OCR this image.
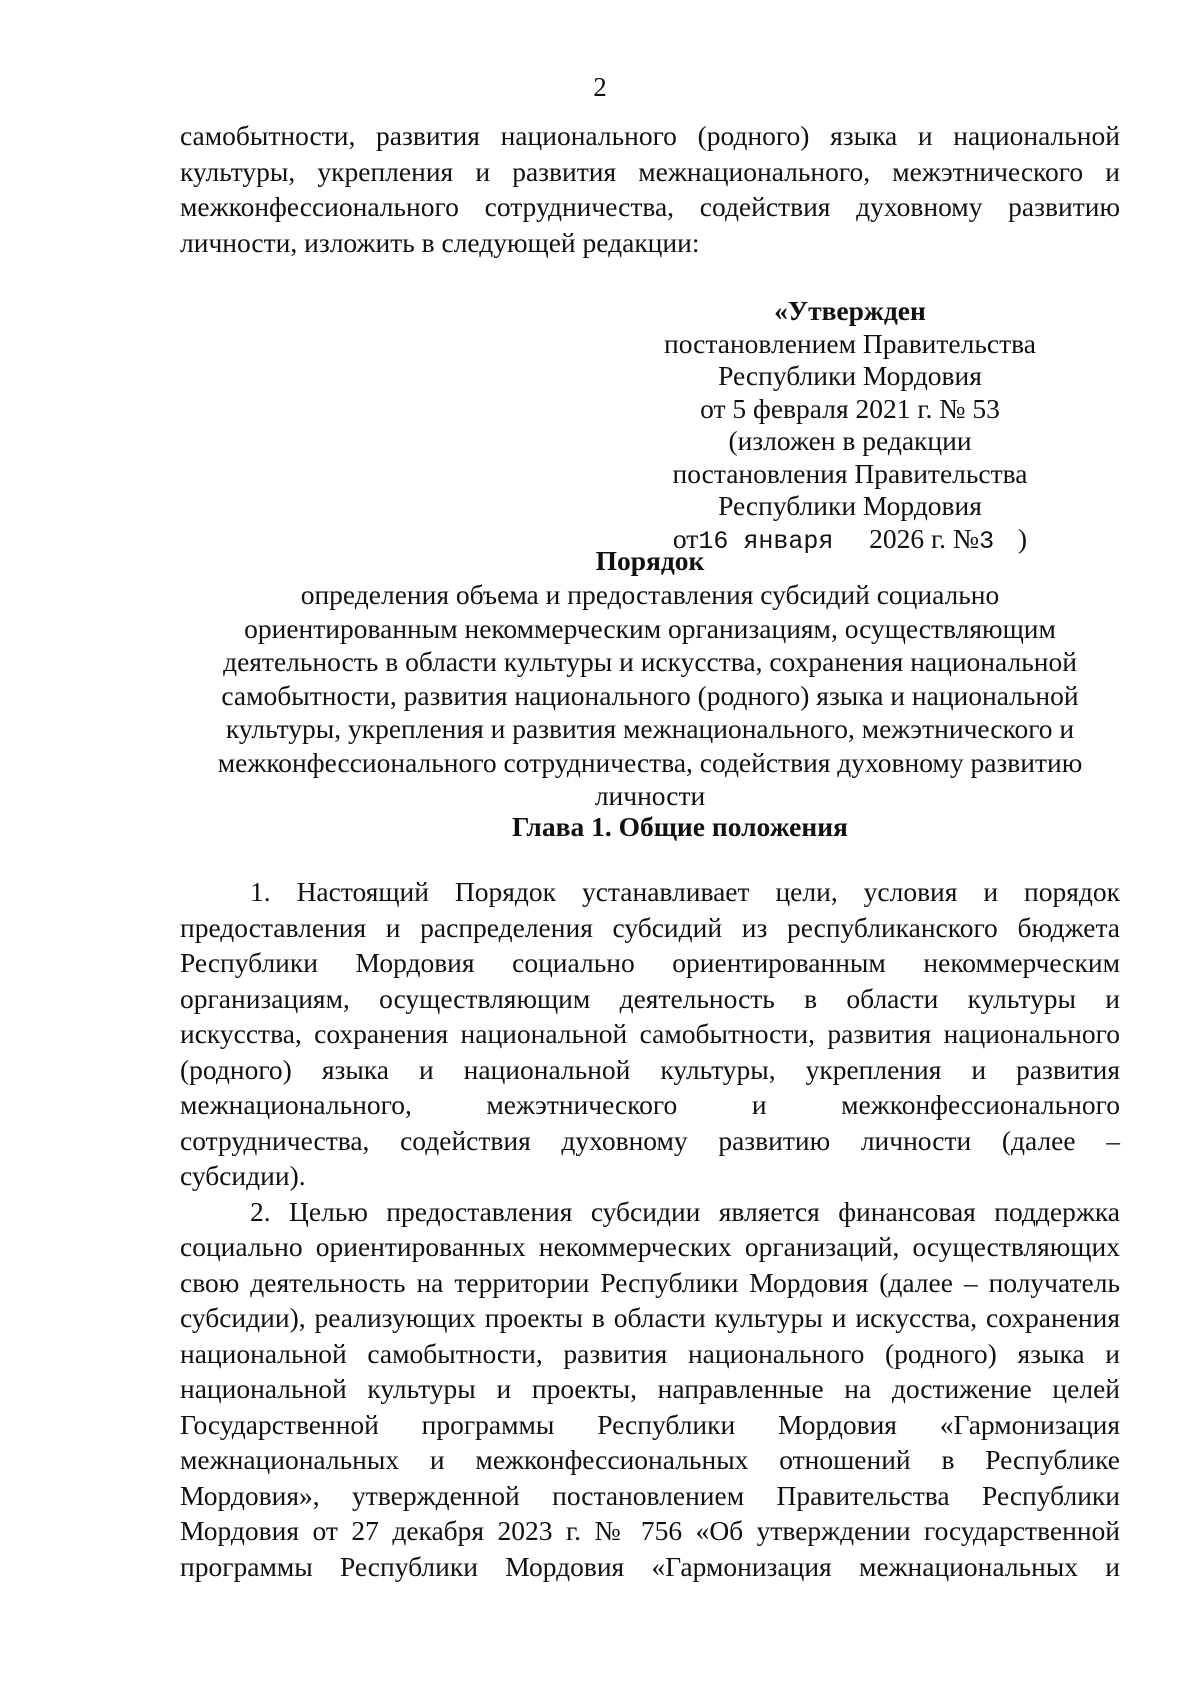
2
самобытности, развития национального (родного) языка и национальной
культуры, укрепления и развития межнационального, межэтнического и
межконфессионального сотрудничества, содействия духовному развитию
личности, изложить в следующей редакции:
«Утвержден
постановлением Правительства
Республики Мордовия
от 5 февраля 2021 г. № 53
(изложен в редакции
постановления Правительства
Республики Мордовия
от16 января 2026 г. №3 )
Порядок
определения объема и предоставления субсидий социально
ориентированным некоммерческим организациям, осуществляющим
деятельность в области культуры и искусства, сохранения национальной
самобытности, развития национального (родного) языка и национальной
культуры, укрепления и развития межнационального, межэтнического и
межконфессионального сотрудничества, содействия духовному развитию
личности
Глава 1. Общие положения
1. Настоящий Порядок устанавливает цели, условия и порядок
предоставления и распределения субсидий из республиканского бюджета
Республики Мордовия социально ориентированным некоммерческим
организациям, осуществляющим деятельность в области культуры и
искусства, сохранения национальной самобытности, развития национального
(родного) языка и национальной культуры, укрепления и развития
межнационального, межэтнического и межконфессионального
сотрудничества, содействия духовному развитию личности (далее –
субсидии).
2. Целью предоставления субсидии является финансовая поддержка
социально ориентированных некоммерческих организаций, осуществляющих
свою деятельность на территории Республики Мордовия (далее – получатель
субсидии), реализующих проекты в области культуры и искусства, сохранения
национальной самобытности, развития национального (родного) языка и
национальной культуры и проекты, направленные на достижение целей
Государственной программы Республики Мордовия «Гармонизация
межнациональных и межконфессиональных отношений в Республике
Мордовия», утвержденной постановлением Правительства Республики
Мордовия от 27 декабря 2023 г. № 756 «Об утверждении государственной
программы Республики Мордовия «Гармонизация межнациональных и
